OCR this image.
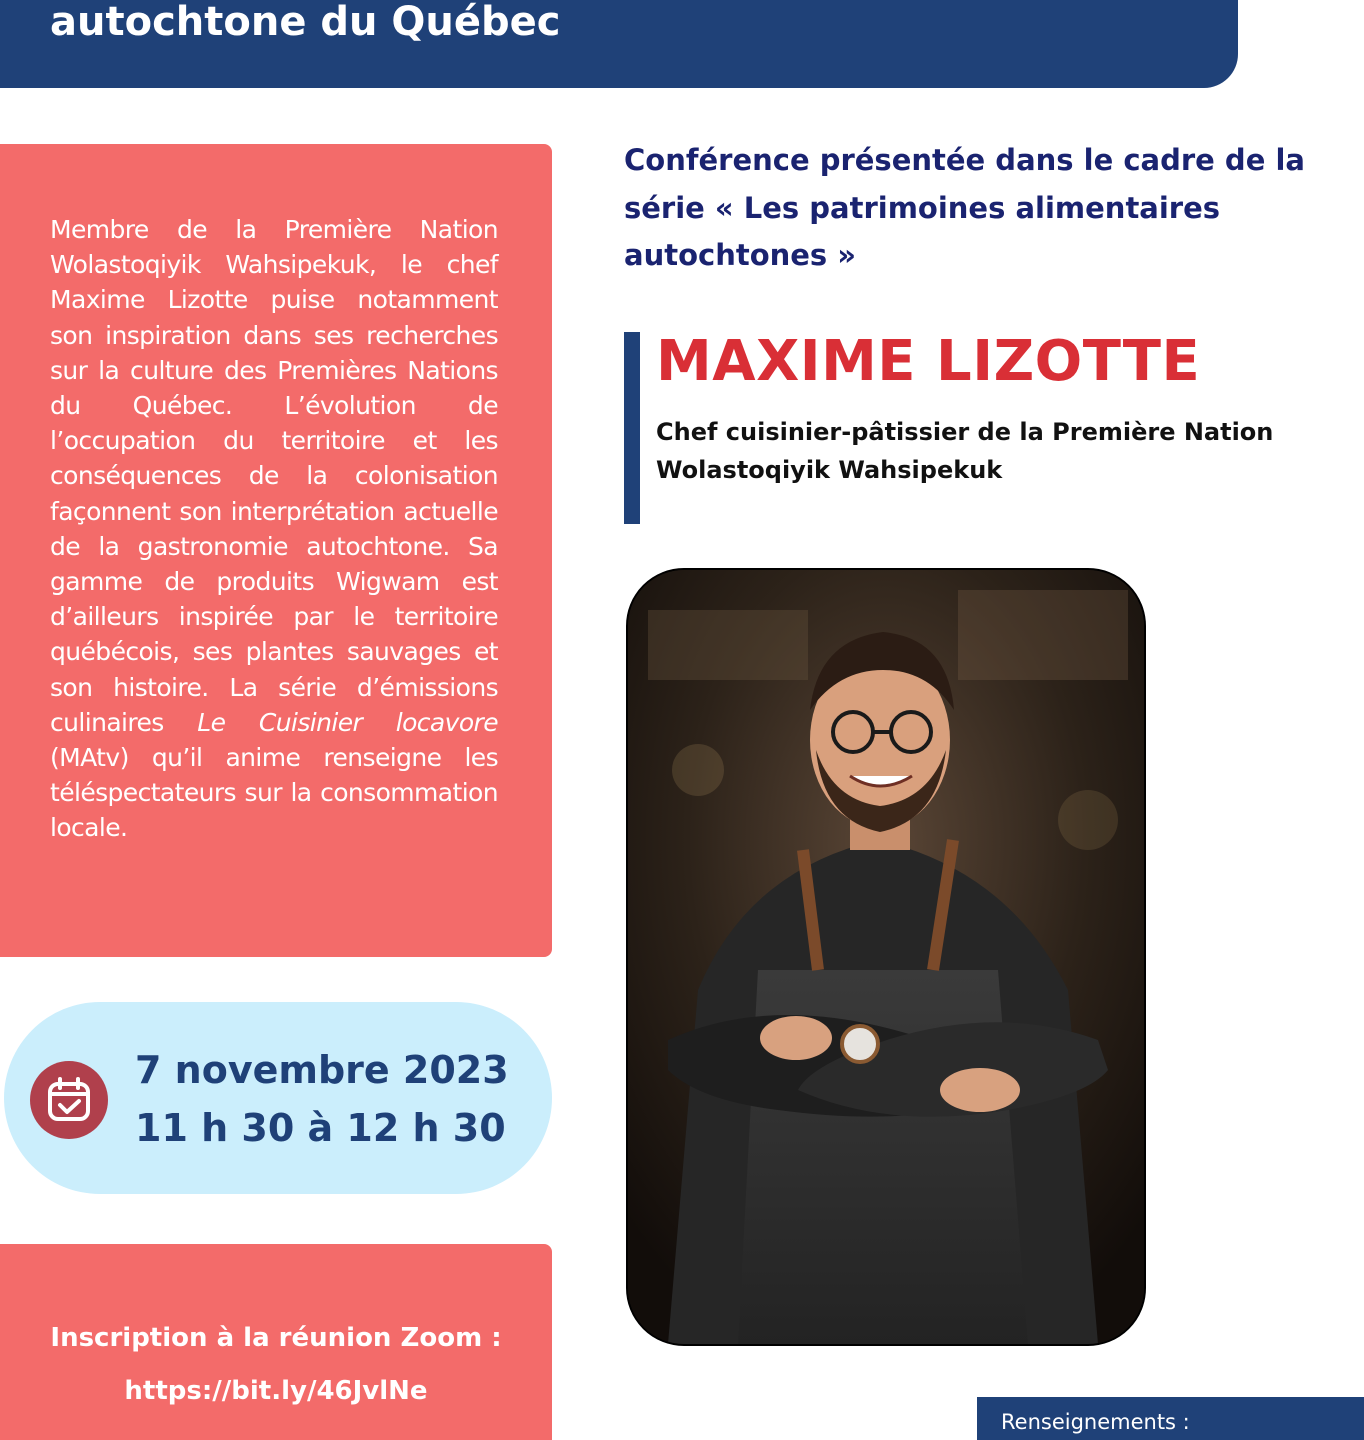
autochtone du Québec

Membre de la Première Nation Wolastoqiyik Wahsipekuk, le chef Maxime Lizotte puise notamment son inspiration dans ses recherches sur la culture des Premières Nations du Québec. L’évolution de l’occupation du territoire et les conséquences de la colonisation façonnent son interprétation actuelle de la gastronomie autochtone. Sa gamme de produits Wigwam est d’ailleurs inspirée par le territoire québécois, ses plantes sauvages et son histoire. La série d’émissions culinaires Le Cuisinier locavore (MAtv) qu’il anime renseigne les téléspectateurs sur la consommation locale.

7 novembre 2023

11 h 30 à 12 h 30

Inscription à la réunion Zoom :

https://bit.ly/46JvlNe

Conférence présentée dans le cadre de la série « Les patrimoines alimentaires autochtones »

MAXIME LIZOTTE

Chef cuisinier-pâtissier de la Première Nation Wolastoqiyik Wahsipekuk

Renseignements :
